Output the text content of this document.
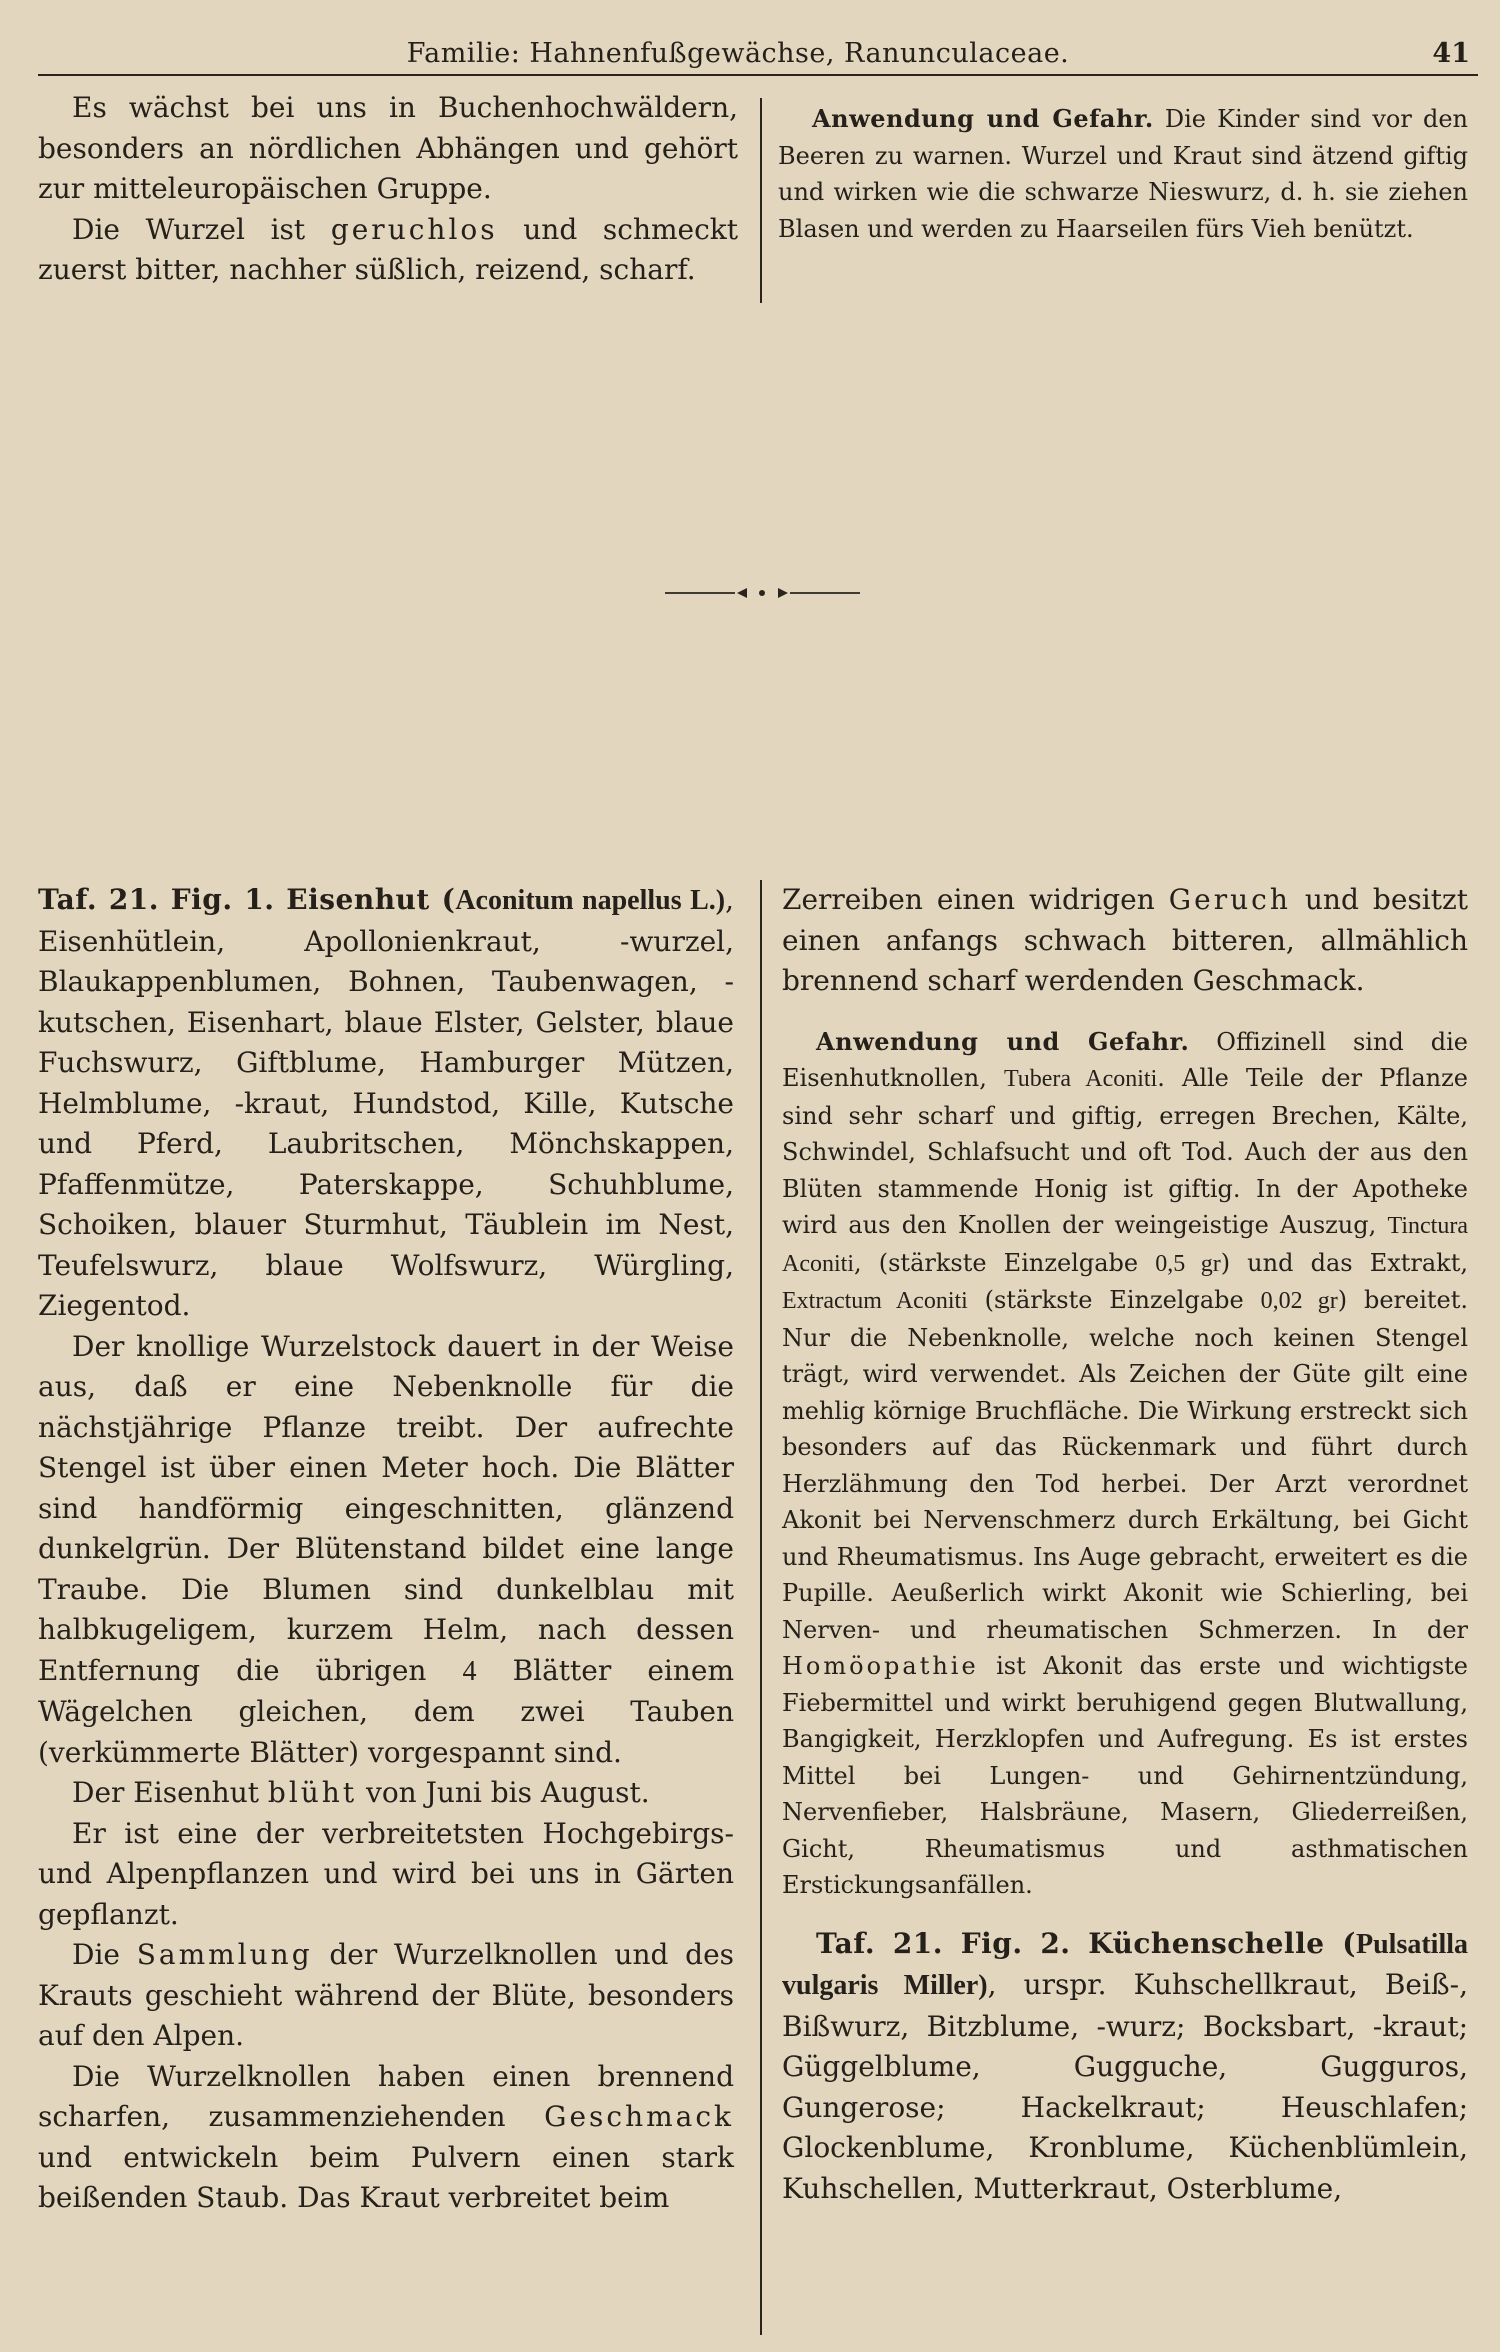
Familie: Hahnenfußgewächse, Ranunculaceae.	41

Es wächst bei uns in Buchenhochwäldern, besonders an nördlichen Abhängen und gehört zur mitteleuropäischen Gruppe.

Die Wurzel ist geruchlos und schmeckt zuerst bitter, nachher süßlich, reizend, scharf.

Anwendung und Gefahr. Die Kinder sind vor den Beeren zu warnen. Wurzel und Kraut sind ätzend giftig und wirken wie die schwarze Nieswurz, d. h. sie ziehen Blasen und werden zu Haarseilen fürs Vieh benützt.

Taf. 21. Fig. 1. Eisenhut (Aconitum napellus L.), Eisenhütlein, Apollonienkraut, -wurzel, Blaukappenblumen, Bohnen, Taubenwagen, -kutschen, Eisenhart, blaue Elster, Gelster, blaue Fuchswurz, Giftblume, Hamburger Mützen, Helmblume, -kraut, Hundstod, Kille, Kutsche und Pferd, Laubritschen, Mönchskappen, Pfaffenmütze, Paterskappe, Schuhblume, Schoiken, blauer Sturmhut, Täublein im Nest, Teufelswurz, blaue Wolfswurz, Würgling, Ziegentod.

Der knollige Wurzelstock dauert in der Weise aus, daß er eine Nebenknolle für die nächstjährige Pflanze treibt. Der aufrechte Stengel ist über einen Meter hoch. Die Blätter sind handförmig eingeschnitten, glänzend dunkelgrün. Der Blütenstand bildet eine lange Traube. Die Blumen sind dunkelblau mit halbkugeligem, kurzem Helm, nach dessen Entfernung die übrigen 4 Blätter einem Wägelchen gleichen, dem zwei Tauben (verkümmerte Blätter) vorgespannt sind.

Der Eisenhut blüht von Juni bis August.

Er ist eine der verbreitetsten Hochgebirgs- und Alpenpflanzen und wird bei uns in Gärten gepflanzt.

Die Sammlung der Wurzelknollen und des Krauts geschieht während der Blüte, besonders auf den Alpen.

Die Wurzelknollen haben einen brennend scharfen, zusammenziehenden Geschmack und entwickeln beim Pulvern einen stark beißenden Staub. Das Kraut verbreitet beim

Zerreiben einen widrigen Geruch und besitzt einen anfangs schwach bitteren, allmählich brennend scharf werdenden Geschmack.

Anwendung und Gefahr. Offizinell sind die Eisenhutknollen, Tubera Aconiti. Alle Teile der Pflanze sind sehr scharf und giftig, erregen Brechen, Kälte, Schwindel, Schlafsucht und oft Tod. Auch der aus den Blüten stammende Honig ist giftig. In der Apotheke wird aus den Knollen der weingeistige Auszug, Tinctura Aconiti, (stärkste Einzelgabe 0,5 gr) und das Extrakt, Extractum Aconiti (stärkste Einzelgabe 0,02 gr) bereitet. Nur die Nebenknolle, welche noch keinen Stengel trägt, wird verwendet. Als Zeichen der Güte gilt eine mehlig körnige Bruchfläche. Die Wirkung erstreckt sich besonders auf das Rückenmark und führt durch Herzlähmung den Tod herbei. Der Arzt verordnet Akonit bei Nervenschmerz durch Erkältung, bei Gicht und Rheumatismus. Ins Auge gebracht, erweitert es die Pupille. Aeußerlich wirkt Akonit wie Schierling, bei Nerven- und rheumatischen Schmerzen. In der Homöopathie ist Akonit das erste und wichtigste Fiebermittel und wirkt beruhigend gegen Blutwallung, Bangigkeit, Herzklopfen und Aufregung. Es ist erstes Mittel bei Lungen- und Gehirnentzündung, Nervenfieber, Halsbräune, Masern, Gliederreißen, Gicht, Rheumatismus und asthmatischen Erstickungsanfällen.

Taf. 21. Fig. 2. Küchenschelle (Pulsatilla vulgaris Miller), urspr. Kuhschellkraut, Beiß-, Bißwurz, Bitzblume, -wurz; Bocksbart, -kraut; Güggelblume, Gugguche, Gugguros, Gungerose; Hackelkraut; Heuschlafen; Glockenblume, Kronblume, Küchenblümlein, Kuhschellen, Mutterkraut, Osterblume,
